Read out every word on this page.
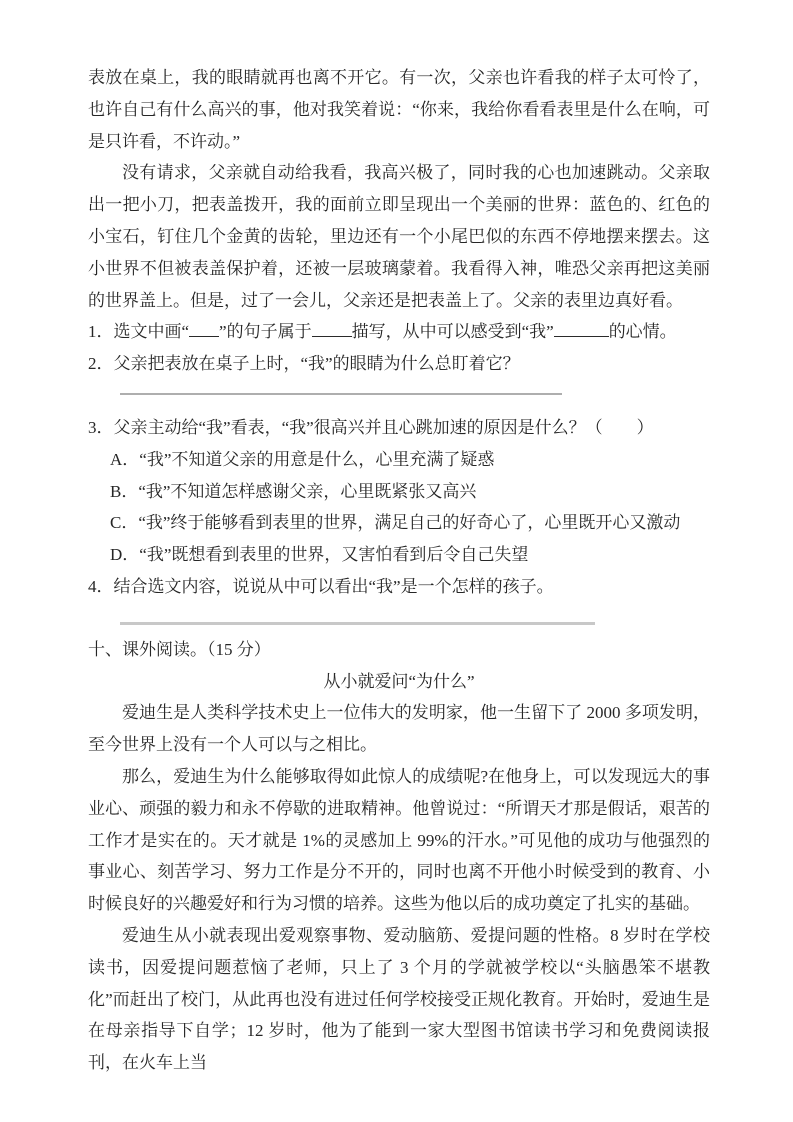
表放在桌上，我的眼睛就再也离不开它。有一次，父亲也许看我的样子太可怜了，也许自己有什么高兴的事，他对我笑着说：“你来，我给你看看表里是什么在响，可是只许看，不许动。”

没有请求，父亲就自动给我看，我高兴极了，同时我的心也加速跳动。父亲取出一把小刀，把表盖拨开，我的面前立即呈现出一个美丽的世界：蓝色的、红色的小宝石，钉住几个金黄的齿轮，里边还有一个小尾巴似的东西不停地摆来摆去。这小世界不但被表盖保护着，还被一层玻璃蒙着。我看得入神，唯恐父亲再把这美丽的世界盖上。但是，过了一会儿，父亲还是把表盖上了。父亲的表里边真好看。

1．选文中画“ ”的句子属于 描写，从中可以感受到“我”	的心情。

2．父亲把表放在桌子上时，“我”的眼睛为什么总盯着它？

3．父亲主动给“我”看表，“我”很高兴并且心跳加速的原因是什么？（　　）

A．“我”不知道父亲的用意是什么，心里充满了疑惑

B．“我”不知道怎样感谢父亲，心里既紧张又高兴

C．“我”终于能够看到表里的世界，满足自己的好奇心了，心里既开心又激动

D．“我”既想看到表里的世界，又害怕看到后令自己失望

4．结合选文内容，说说从中可以看出“我”是一个怎样的孩子。

十、课外阅读。（15 分）

从小就爱问“为什么”

爱迪生是人类科学技术史上一位伟大的发明家，他一生留下了 2000 多项发明，至今世界上没有一个人可以与之相比。

那么，爱迪生为什么能够取得如此惊人的成绩呢?在他身上，可以发现远大的事业心、顽强的毅力和永不停歇的进取精神。他曾说过：“所谓天才那是假话，艰苦的工作才是实在的。天才就是 1%的灵感加上 99%的汗水。”可见他的成功与他强烈的事业心、刻苦学习、努力工作是分不开的，同时也离不开他小时候受到的教育、小时候良好的兴趣爱好和行为习惯的培养。这些为他以后的成功奠定了扎实的基础。

爱迪生从小就表现出爱观察事物、爱动脑筋、爱提问题的性格。8 岁时在学校读书，因爱提问题惹恼了老师，只上了 3 个月的学就被学校以“头脑愚笨不堪教化”而赶出了校门，从此再也没有进过任何学校接受正规化教育。开始时，爱迪生是在母亲指导下自学；12 岁时，他为了能到一家大型图书馆读书学习和免费阅读报刊，在火车上当
